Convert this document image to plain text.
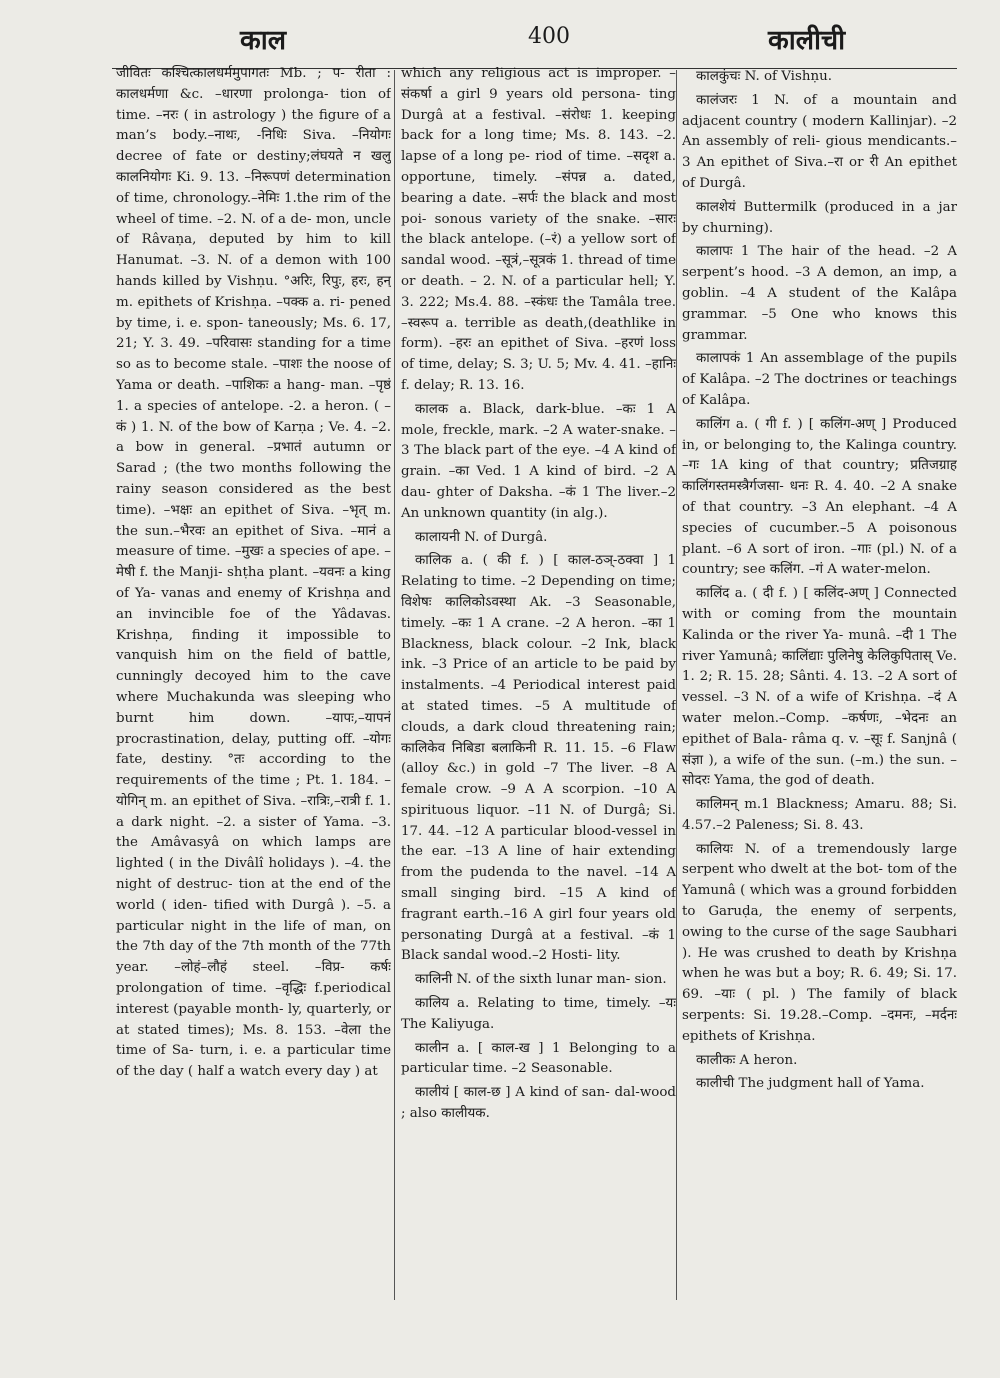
काल	400	कालीची

जीवितः कश्चित्कालधर्ममुपागतः Mb. ; प- रीता : कालधर्मणा &c. –धारणा prolonga- tion of time. –नरः ( in astrology ) the figure of a man’s body.–नाथः, -निधिः Siva. –नियोगः decree of fate or destiny;लंघयते न खलु कालनियोगः Ki. 9. 13. –निरूपणं determination of time, chronology.–नेमिः 1.the rim of the wheel of time. –2. N. of a de- mon, uncle of Râvaṇa, deputed by him to kill Hanumat. –3. N. of a demon with 100 hands killed by Vishṇu. °अरिः, रिपुः, हरः, हन् m. epithets of Krishṇa. –पक्क a. ri- pened by time, i. e. spon- taneously; Ms. 6. 17, 21; Y. 3. 49. –परिवासः standing for a time so as to become stale. –पाशः the noose of Yama or death. –पाशिकः a hang- man. –पृष्ठं 1. a species of antelope. -2. a heron. ( –कं ) 1. N. of the bow of Karṇa ; Ve. 4. –2. a bow in general. –प्रभातं autumn or Sarad ; (the two months following the rainy season considered as the best time). –भक्षः an epithet of Siva. –भृत् m. the sun.–भैरवः an epithet of Siva. –मानं a measure of time. –मुखः a species of ape. –मेषी f. the Manji- shṭha plant. –यवनः a king of Ya- vanas and enemy of Krishṇa and an invincible foe of the Yâdavas. Krishṇa, finding it impossible to vanquish him on the field of battle, cunningly decoyed him to the cave where Muchakunda was sleeping who burnt him down. –यापः,–यापनं procrastination, delay, putting off. –योगः fate, destiny. °तः according to the requirements of the time ; Pt. 1. 184. –योगिन् m. an epithet of Siva. –रात्रिः,–रात्री f. 1. a dark night. –2. a sister of Yama. –3. the Amâvasyâ on which lamps are lighted ( in the Divâlî holidays ). –4. the night of destruc- tion at the end of the world ( iden- tified with Durgâ ). –5. a particular night in the life of man, on the 7th day of the 7th month of the 77th year. –लोहं–लौहं steel. –विप्र- कर्षः prolongation of time. –वृद्धिः f.periodical interest (payable month- ly, quarterly, or at stated times); Ms. 8. 153. –वेला the time of Sa- turn, i. e. a particular time of the day ( half a watch every day ) at

which any religious act is improper. –संकर्षा a girl 9 years old persona- ting Durgâ at a festival. –संरोधः 1. keeping back for a long time; Ms. 8. 143. –2. lapse of a long pe- riod of time. –सदृश a. opportune, timely. –संपन्न a. dated, bearing a date. –सर्पः the black and most poi- sonous variety of the snake. –सारः the black antelope. (–रं) a yellow sort of sandal wood. –सूत्रं,–सूत्रकं 1. thread of time or death. – 2. N. of a particular hell; Y. 3. 222; Ms.4. 88. –स्कंधः the Tamâla tree. –स्वरूप a. terrible as death,(deathlike in form). –हरः an epithet of Siva. –हरणं loss of time, delay; S. 3; U. 5; Mv. 4. 41. –हानिः f. delay; R. 13. 16.

कालक a. Black, dark-blue. –कः 1 A mole, freckle, mark. –2 A water-snake. –3 The black part of the eye. –4 A kind of grain. –का Ved. 1 A kind of bird. –2 A dau- ghter of Daksha. –कं 1 The liver.–2 An unknown quantity (in alg.).

कालायनी N. of Durgâ.

कालिक a. ( की f. ) [ काल-ठञ्-ठक्वा ] 1 Relating to time. –2 Depending on time; विशेषः कालिकोऽवस्था Ak. –3 Seasonable, timely. –कः 1 A crane. –2 A heron. –का 1 Blackness, black colour. –2 Ink, black ink. –3 Price of an article to be paid by instalments. –4 Periodical interest paid at stated times. –5 A multitude of clouds, a dark cloud threatening rain; कालिकेव निबिडा बलाकिनी R. 11. 15. –6 Flaw (alloy &c.) in gold –7 The liver. –8 A female crow. –9 A A scorpion. –10 A spirituous liquor. –11 N. of Durgâ; Si. 17. 44. –12 A particular blood-vessel in the ear. –13 A line of hair extending from the pudenda to the navel. –14 A small singing bird. –15 A kind of fragrant earth.–16 A girl four years old personating Durgâ at a festival. –कं 1 Black sandal wood.–2 Hosti- lity.

कालिनी N. of the sixth lunar man- sion.

कालिय a. Relating to time, timely. –यः The Kaliyuga.

कालीन a. [ काल-ख ] 1 Belonging to a particular time. –2 Seasonable.

कालीयं [ काल-छ ] A kind of san- dal-wood ; also कालीयक.

कालकुंचः N. of Vishṇu.

कालंजरः 1 N. of a mountain and adjacent country ( modern Kallinjar). –2 An assembly of reli- gious mendicants.–3 An epithet of Siva.–रा or री An epithet of Durgâ.

कालशेयं Buttermilk (produced in a jar by churning).

कालापः 1 The hair of the head. –2 A serpent’s hood. –3 A demon, an imp, a goblin. –4 A student of the Kalâpa grammar. –5 One who knows this grammar.

कालापकं 1 An assemblage of the pupils of Kalâpa. –2 The doctrines or teachings of Kalâpa.

कालिंग a. ( गी f. ) [ कलिंग-अण् ] Produced in, or belonging to, the Kalinga country. –गः 1A king of that country; प्रतिजग्राह कालिंगस्तमस्त्रैर्गजसा- धनः R. 4. 40. –2 A snake of that country. –3 An elephant. –4 A species of cucumber.–5 A poisonous plant. –6 A sort of iron. –गाः (pl.) N. of a country; see कलिंग. –गं A water-melon.

कालिंद a. ( दी f. ) [ कलिंद-अण् ] Connected with or coming from the mountain Kalinda or the river Ya- munâ. –दी 1 The river Yamunâ; कालिंद्याः पुलिनेषु केलिकुपितास् Ve. 1. 2; R. 15. 28; Sânti. 4. 13. –2 A sort of vessel. –3 N. of a wife of Krishṇa. –दं A water melon.–Comp. –कर्षणः, –भेदनः an epithet of Bala- râma q. v. –सूः f. Sanjnâ ( संज्ञा ), a wife of the sun. (–m.) the sun. –सोदरः Yama, the god of death.

कालिमन् m.1 Blackness; Amaru. 88; Si. 4.57.–2 Paleness; Si. 8. 43.

कालियः N. of a tremendously large serpent who dwelt at the bot- tom of the Yamunâ ( which was a ground forbidden to Garuḍa, the enemy of serpents, owing to the curse of the sage Saubhari ). He was crushed to death by Krishṇa when he was but a boy; R. 6. 49; Si. 17. 69. –याः ( pl. ) The family of black serpents: Si. 19.28.–Comp. –दमनः, –मर्दनः epithets of Krishṇa.

कालीकः A heron.

कालीची The judgment hall of Yama.
